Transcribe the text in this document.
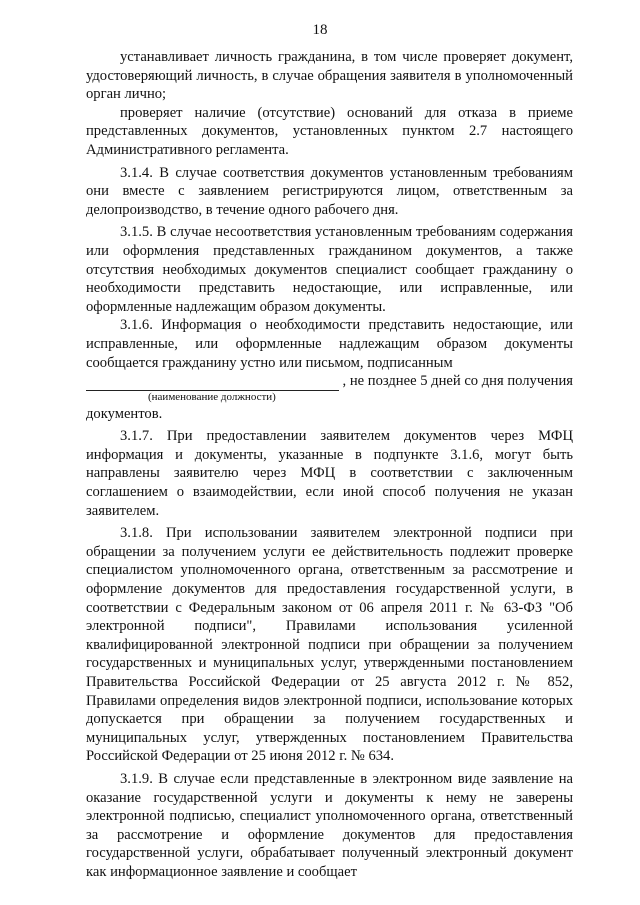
18

устанавливает личность гражданина, в том числе проверяет документ, удостоверяющий личность, в случае обращения заявителя в уполномоченный орган лично;

проверяет наличие (отсутствие) оснований для отказа в приеме представленных документов, установленных пунктом 2.7 настоящего Административного регламента.

3.1.4. В случае соответствия документов установленным требованиям они вместе с заявлением регистрируются лицом, ответственным за делопроизводство, в течение одного рабочего дня.

3.1.5. В случае несоответствия установленным требованиям содержания или оформления представленных гражданином документов, а также отсутствия необходимых документов специалист сообщает гражданину о необходимости представить недостающие, или исправленные, или оформленные надлежащим образом документы.

3.1.6. Информация о необходимости представить недостающие, или исправленные, или оформленные надлежащим образом документы сообщается гражданину устно или письмом, подписанным

, не позднее 5 дней со дня получения
(наименование должности)

документов.

3.1.7. При предоставлении заявителем документов через МФЦ информация и документы, указанные в подпункте 3.1.6, могут быть направлены заявителю через МФЦ в соответствии с заключенным соглашением о взаимодействии, если иной способ получения не указан заявителем.

3.1.8. При использовании заявителем электронной подписи при обращении за получением услуги ее действительность подлежит проверке специалистом уполномоченного органа, ответственным за рассмотрение и оформление документов для предоставления государственной услуги, в соответствии с Федеральным законом от 06 апреля 2011 г. № 63-ФЗ "Об электронной подписи", Правилами использования усиленной квалифицированной электронной подписи при обращении за получением государственных и муниципальных услуг, утвержденными постановлением Правительства Российской Федерации от 25 августа 2012 г. № 852, Правилами определения видов электронной подписи, использование которых допускается при обращении за получением государственных и муниципальных услуг, утвержденных постановлением Правительства Российской Федерации от 25 июня 2012 г. № 634.

3.1.9. В случае если представленные в электронном виде заявление на оказание государственной услуги и документы к нему не заверены электронной подписью, специалист уполномоченного органа, ответственный за рассмотрение и оформление документов для предоставления государственной услуги, обрабатывает полученный электронный документ как информационное заявление и сообщает
